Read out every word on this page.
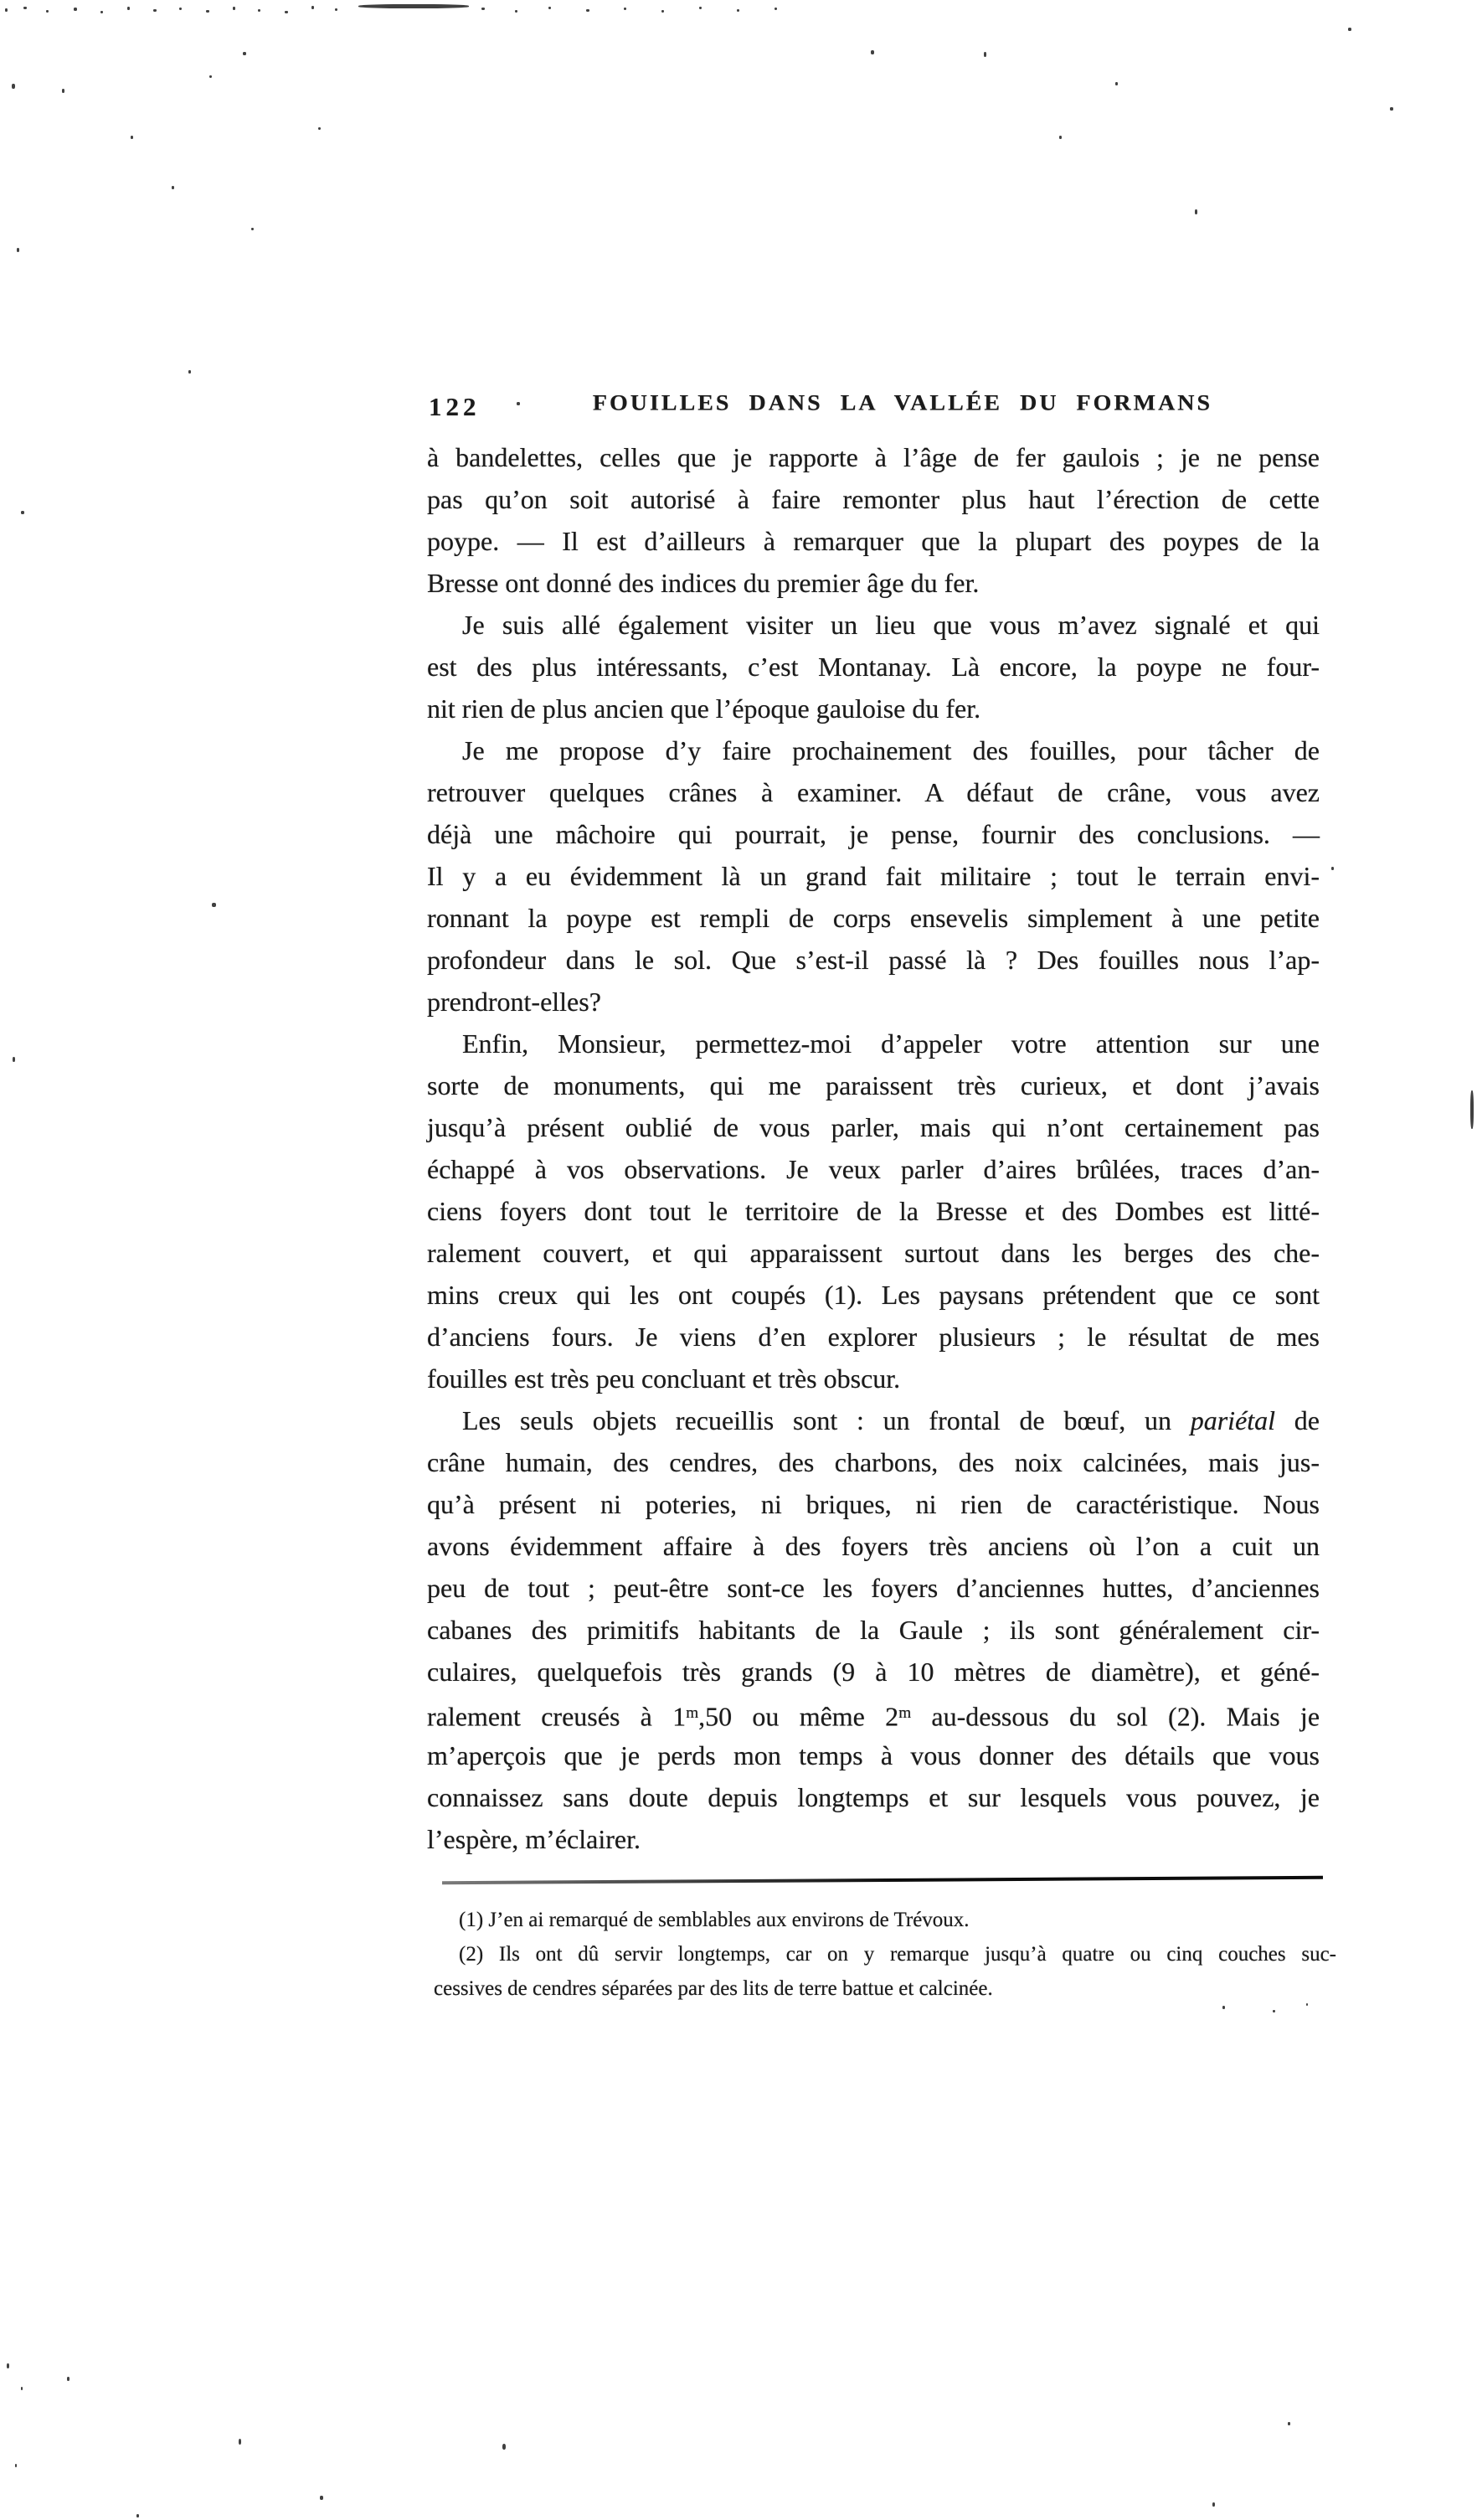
122	FOUILLES DANS LA VALLÉE DU FORMANS
à bandelettes, celles que je rapporte à l’âge de fer gaulois ; je ne pense
pas qu’on soit autorisé à faire remonter plus haut l’érection de cette
poype. — Il est d’ailleurs à remarquer que la plupart des poypes de la
Bresse ont donné des indices du premier âge du fer.
Je suis allé également visiter un lieu que vous m’avez signalé et qui
est des plus intéressants, c’est Montanay. Là encore, la poype ne four-
nit rien de plus ancien que l’époque gauloise du fer.
Je me propose d’y faire prochainement des fouilles, pour tâcher de
retrouver quelques crânes à examiner. A défaut de crâne, vous avez
déjà une mâchoire qui pourrait, je pense, fournir des conclusions. —
Il y a eu évidemment là un grand fait militaire ; tout le terrain envi-
ronnant la poype est rempli de corps ensevelis simplement à une petite
profondeur dans le sol. Que s’est-il passé là ? Des fouilles nous l’ap-
prendront-elles?
Enfin, Monsieur, permettez-moi d’appeler votre attention sur une
sorte de monuments, qui me paraissent très curieux, et dont j’avais
jusqu’à présent oublié de vous parler, mais qui n’ont certainement pas
échappé à vos observations. Je veux parler d’aires brûlées, traces d’an-
ciens foyers dont tout le territoire de la Bresse et des Dombes est litté-
ralement couvert, et qui apparaissent surtout dans les berges des che-
mins creux qui les ont coupés (1). Les paysans prétendent que ce sont
d’anciens fours. Je viens d’en explorer plusieurs ; le résultat de mes
fouilles est très peu concluant et très obscur.
Les seuls objets recueillis sont : un frontal de bœuf, un pariétal de
crâne humain, des cendres, des charbons, des noix calcinées, mais jus-
qu’à présent ni poteries, ni briques, ni rien de caractéristique. Nous
avons évidemment affaire à des foyers très anciens où l’on a cuit un
peu de tout ; peut-être sont-ce les foyers d’anciennes huttes, d’anciennes
cabanes des primitifs habitants de la Gaule ; ils sont généralement cir-
culaires, quelquefois très grands (9 à 10 mètres de diamètre), et géné-
ralement creusés à 1$^m$,50 ou même 2$^m$ au-dessous du sol (2). Mais je
m’aperçois que je perds mon temps à vous donner des détails que vous
connaissez sans doute depuis longtemps et sur lesquels vous pouvez, je
l’espère, m’éclairer.
(1) J’en ai remarqué de semblables aux environs de Trévoux.
(2) Ils ont dû servir longtemps, car on y remarque jusqu’à quatre ou cinq couches suc-
cessives de cendres séparées par des lits de terre battue et calcinée.
